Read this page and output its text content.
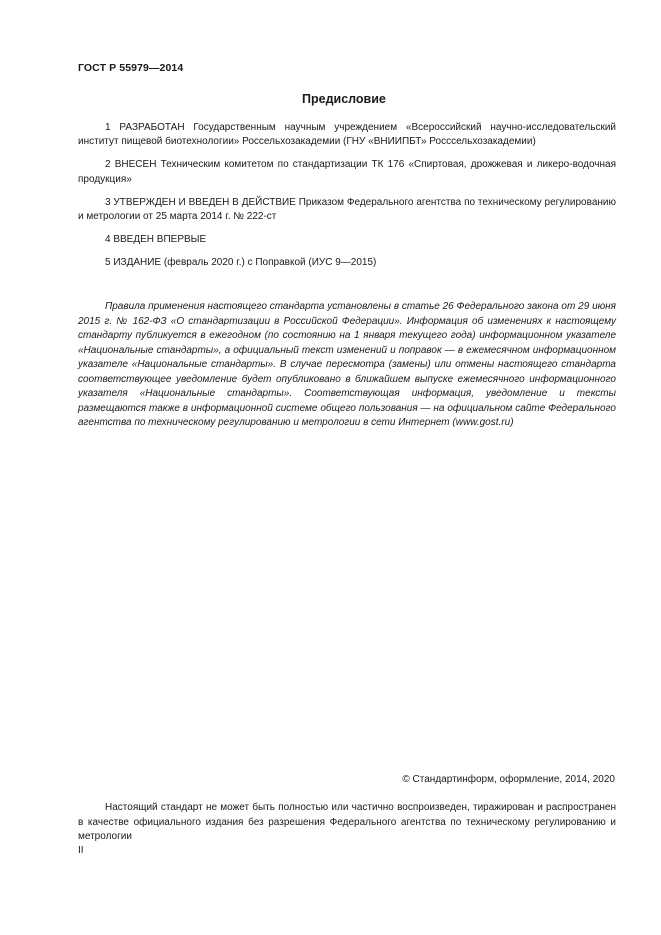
ГОСТ Р 55979—2014
Предисловие

1 РАЗРАБОТАН Государственным научным учреждением «Всероссийский научно-исследовательский институт пищевой биотехнологии» Россельхозакадемии (ГНУ «ВНИИПБТ» Россcельхозакадемии)

2 ВНЕСЕН Техническим комитетом по стандартизации ТК 176 «Спиртовая, дрожжевая и ликеро-водочная продукция»

3 УТВЕРЖДЕН И ВВЕДЕН В ДЕЙСТВИЕ Приказом Федерального агентства по техническому регулированию и метрологии от 25 марта 2014 г. № 222-ст

4 ВВЕДЕН ВПЕРВЫЕ

5 ИЗДАНИЕ (февраль 2020 г.) с Поправкой (ИУС 9—2015)

Правила применения настоящего стандарта установлены в статье 26 Федерального закона от 29 июня 2015 г. № 162-ФЗ «О стандартизации в Российской Федерации». Информация об изменениях к настоящему стандарту публикуется в ежегодном (по состоянию на 1 января текущего года) информационном указателе «Национальные стандарты», а официальный текст изменений и поправок — в ежемесячном информационном указателе «Национальные стандарты». В случае пересмотра (замены) или отмены настоящего стандарта соответствующее уведомление будет опубликовано в ближайшем выпуске ежемесячного информационного указателя «Национальные стандарты». Соответствующая информация, уведомление и тексты размещаются также в информационной системе общего пользования — на официальном сайте Федерального агентства по техническому регулированию и метрологии в сети Интернет (www.gost.ru)

© Стандартинформ, оформление, 2014, 2020

Настоящий стандарт не может быть полностью или частично воспроизведен, тиражирован и распространен в качестве официального издания без разрешения Федерального агентства по техническому регулированию и метрологии

II
